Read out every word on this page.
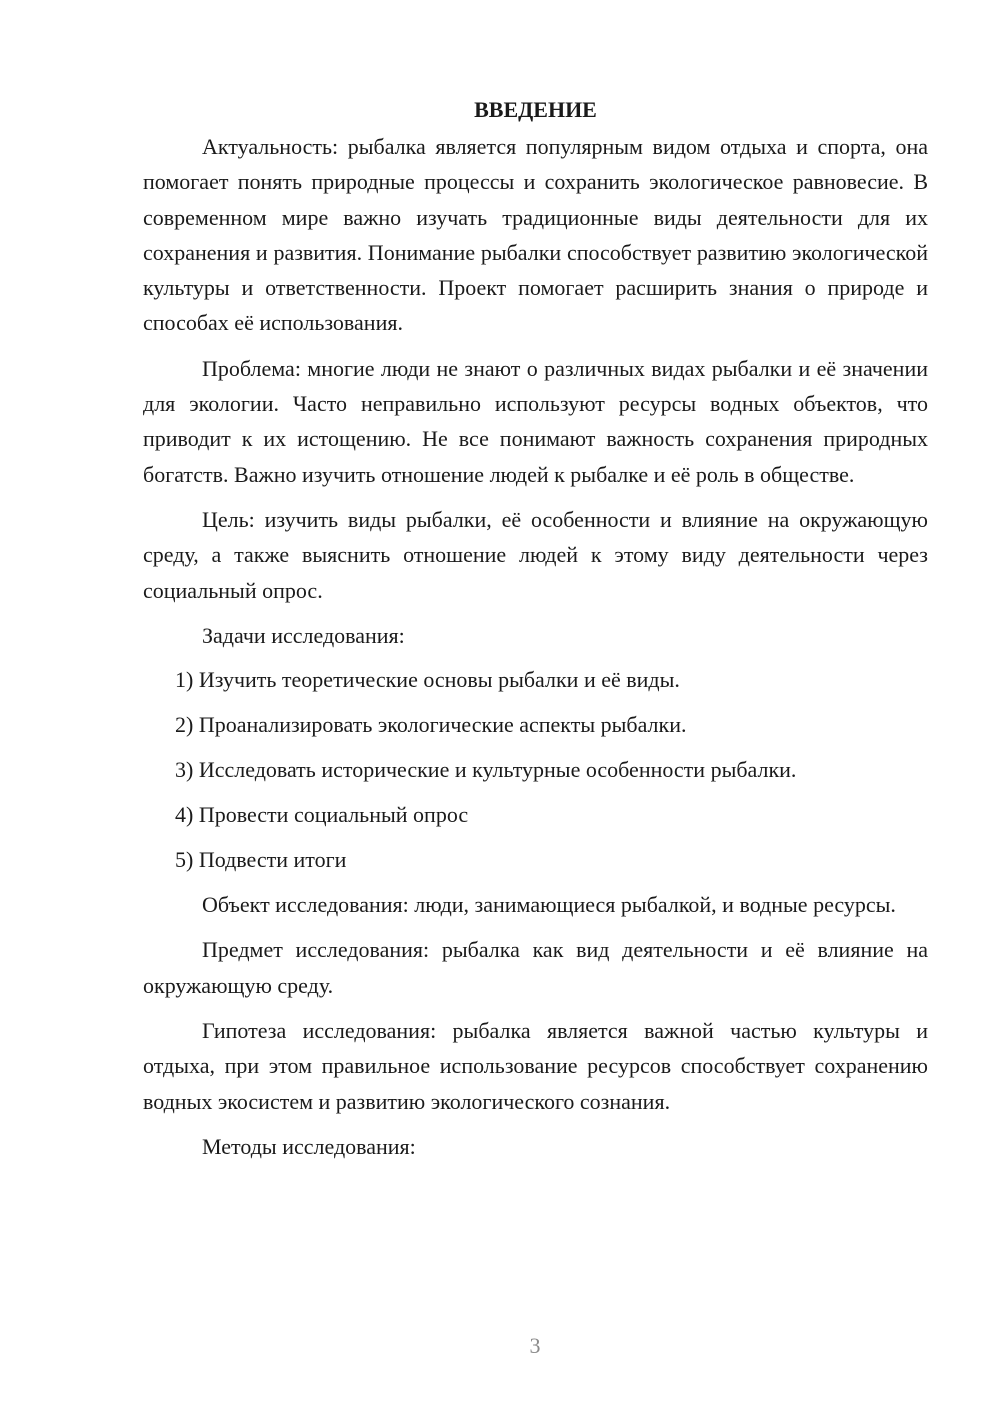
ВВЕДЕНИЕ

Актуальность: рыбалка является популярным видом отдыха и спорта, она помогает понять природные процессы и сохранить экологическое равновесие. В современном мире важно изучать традиционные виды деятельности для их сохранения и развития. Понимание рыбалки способствует развитию экологической культуры и ответственности. Проект помогает расширить знания о природе и способах её использования.

Проблема: многие люди не знают о различных видах рыбалки и её значении для экологии. Часто неправильно используют ресурсы водных объектов, что приводит к их истощению. Не все понимают важность сохранения природных богатств. Важно изучить отношение людей к рыбалке и её роль в обществе.

Цель: изучить виды рыбалки, её особенности и влияние на окружающую среду, а также выяснить отношение людей к этому виду деятельности через социальный опрос.

Задачи исследования:

1) Изучить теоретические основы рыбалки и её виды.
2) Проанализировать экологические аспекты рыбалки.
3) Исследовать исторические и культурные особенности рыбалки.
4) Провести социальный опрос
5) Подвести итоги

Объект исследования: люди, занимающиеся рыбалкой, и водные ресурсы.

Предмет исследования: рыбалка как вид деятельности и её влияние на окружающую среду.

Гипотеза исследования: рыбалка является важной частью культуры и отдыха, при этом правильное использование ресурсов способствует сохранению водных экосистем и развитию экологического сознания.

Методы исследования:

3
